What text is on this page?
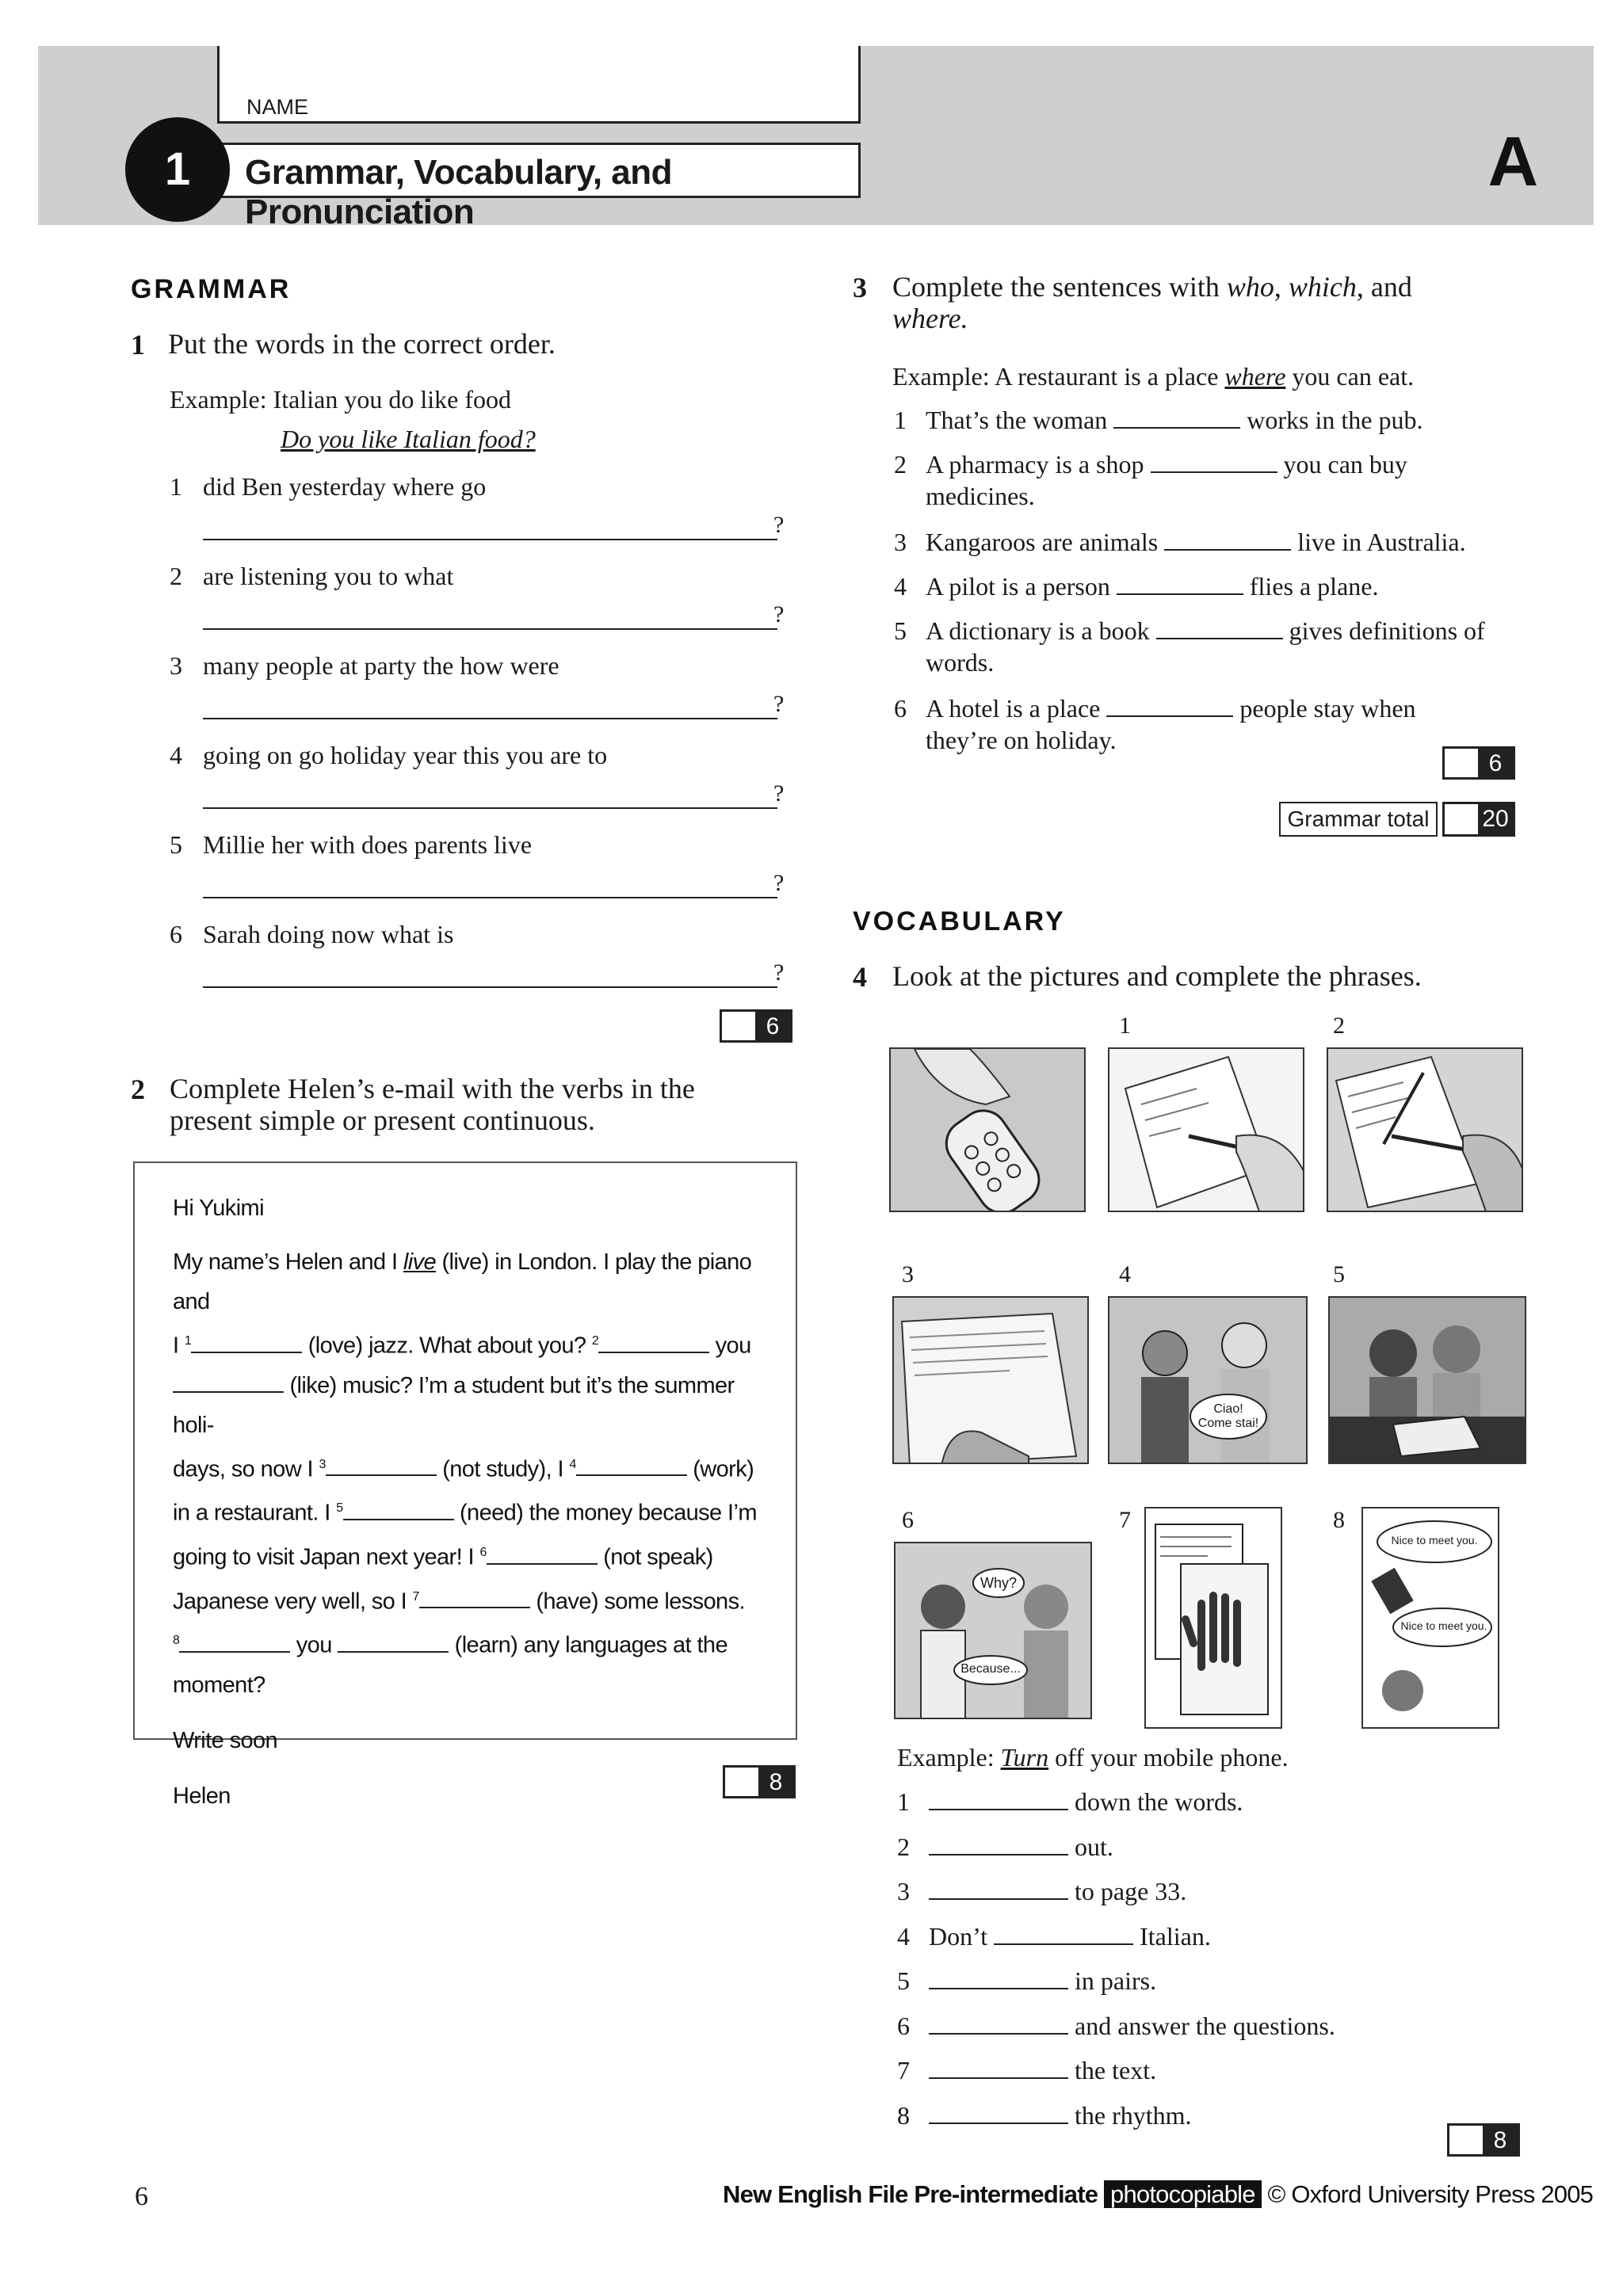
A
NAME
Grammar, Vocabulary, and Pronunciation
1
GRAMMAR
1 Put the words in the correct order.
Example: Italian you do like food
Do you like Italian food?
1 did Ben yesterday where go
?
2 are listening you to what
?
3 many people at party the how were
?
4 going on go holiday year this you are to
?
5 Millie her with does parents live
?
6 Sarah doing now what is
?
6
2 Complete Helen’s e-mail with the verbs in the
present simple or present continuous.
Hi Yukimi
My name’s Helen and I live (live) in London. I play the piano and
I $^1$	(love) jazz. What about you? $^2$	you
(like) music? I’m a student but it’s the summer holi-
days, so now I $^3$	(not study), I $^4$	(work)
in a restaurant. I $^5$	(need) the money because I’m
going to visit Japan next year! I $^6$	(not speak)
Japanese very well, so I $^7$	(have) some lessons.
$^8$	you	(learn) any languages at the
moment?
Write soon
Helen
8
3 Complete the sentences with who, which, and
where.
Example: A restaurant is a place where you can eat.
1 That’s the woman	works in the pub.
2 A pharmacy is a shop	you can buy
medicines.
3 Kangaroos are animals	live in Australia.
4 A pilot is a person	flies a plane.
5 A dictionary is a book	gives definitions of
words.
6 A hotel is a place	people stay when
they’re on holiday.
6
Grammar total	20
VOCABULARY
4 Look at the pictures and complete the phrases.
1	2
3	4	5
6	7	8
Ciao! Come stai!
Why?
Because...
Nice to meet you.
Nice to meet you.
Example: Turn off your mobile phone.
1	down the words.
2	out.
3	to page 33.
4 Don’t	Italian.
5	in pairs.
6	and answer the questions.
7	the text.
8	the rhythm.
8
6	New English File Pre-intermediate photocopiable © Oxford University Press 2005
